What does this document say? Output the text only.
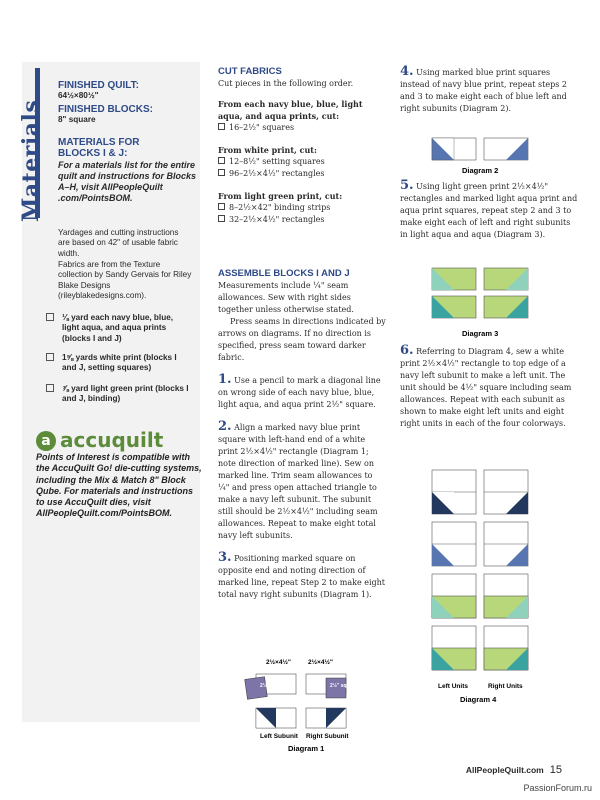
Materials
FINISHED QUILT:
64½×80½"
FINISHED BLOCKS:
8" square
MATERIALS FOR BLOCKS I & J:
For a materials list for the entire quilt and instructions for Blocks A–H, visit AllPeopleQuilt .com/PointsBOM.
Yardages and cutting instructions are based on 42" of usable fabric width.
Fabrics are from the Texture collection by Sandy Gervais for Riley Blake Designs (rileyblakedesigns.com).
⅛ yard each navy blue, blue, light aqua, and aqua prints (blocks I and J)
1⅝ yards white print (blocks I and J, setting squares)
⅞ yard light green print (blocks I and J, binding)
a accuquilt
Points of Interest is compatible with the AccuQuilt Go! die-cutting systems, including the Mix & Match 8" Block Qube. For materials and instructions to use AccuQuilt dies, visit AllPeopleQuilt.com/PointsBOM.
CUT FABRICS
Cut pieces in the following order.
From each navy blue, blue, light aqua, and aqua prints, cut:
16–2½" squares
From white print, cut:
12–8½" setting squares
96–2½×4½" rectangles
From light green print, cut:
8–2½×42" binding strips
32–2½×4½" rectangles
ASSEMBLE BLOCKS I AND J
Measurements include ¼" seam allowances. Sew with right sides together unless otherwise stated.
Press seams in directions indicated by arrows on diagrams. If no direction is specified, press seam toward darker fabric.
1. Use a pencil to mark a diagonal line on wrong side of each navy blue, blue, light aqua, and aqua print 2½" square.
2. Align a marked navy blue print square with left-hand end of a white print 2½×4½" rectangle (Diagram 1; note direction of marked line). Sew on marked line. Trim seam allowances to ¼" and press open attached triangle to make a navy left subunit. The subunit still should be 2½×4½" including seam allowances. Repeat to make eight total navy left subunits.
3. Positioning marked square on opposite end and noting direction of marked line, repeat Step 2 to make eight total navy right subunits (Diagram 1).
2½×4½"	2½×4½"
2½" sq.	2½" sq.
Left Subunit Right Subunit
Diagram 1
4. Using marked blue print squares instead of navy blue print, repeat steps 2 and 3 to make eight each of blue left and right subunits (Diagram 2).
Diagram 2
5. Using light green print 2½×4½" rectangles and marked light aqua print and aqua print squares, repeat step 2 and 3 to make eight each of left and right subunits in light aqua and aqua (Diagram 3).
Diagram 3
6. Referring to Diagram 4, sew a white print 2½×4½" rectangle to top edge of a navy left subunit to make a left unit. The unit should be 4½" square including seam allowances. Repeat with each subunit as shown to make eight left units and eight right units in each of the four colorways.
Left Units	Right Units
Diagram 4
AllPeopleQuilt.com 15
PassionForum.ru
